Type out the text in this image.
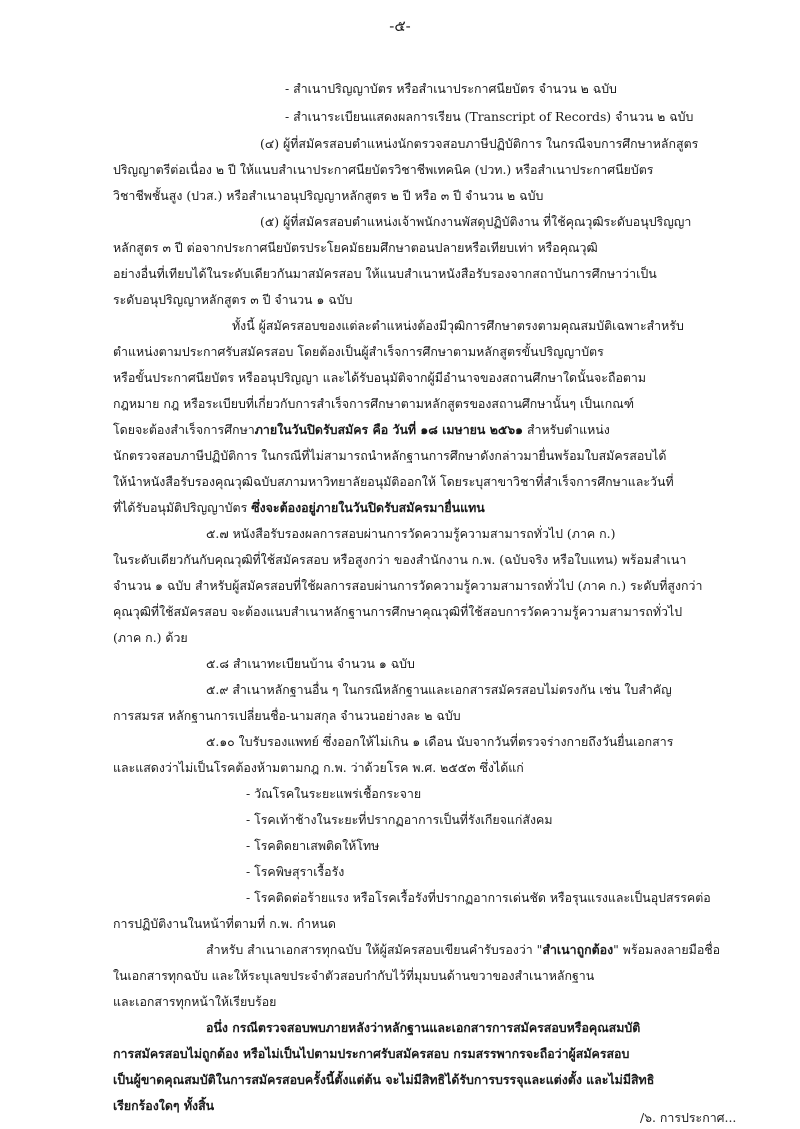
-๕-
- สำเนาปริญญาบัตร หรือสำเนาประกาศนียบัตร จำนวน ๒ ฉบับ
- สำเนาระเบียนแสดงผลการเรียน (Transcript of Records) จำนวน ๒ ฉบับ
(๔) ผู้ที่สมัครสอบตำแหน่งนักตรวจสอบภาษีปฏิบัติการ ในกรณีจบการศึกษาหลักสูตร
ปริญญาตรีต่อเนื่อง ๒ ปี ให้แนบสำเนาประกาศนียบัตรวิชาชีพเทคนิค (ปวท.) หรือสำเนาประกาศนียบัตร
วิชาชีพชั้นสูง (ปวส.) หรือสำเนาอนุปริญญาหลักสูตร ๒ ปี หรือ ๓ ปี จำนวน ๒ ฉบับ
(๕) ผู้ที่สมัครสอบตำแหน่งเจ้าพนักงานพัสดุปฏิบัติงาน ที่ใช้คุณวุฒิระดับอนุปริญญา
หลักสูตร ๓ ปี ต่อจากประกาศนียบัตรประโยคมัธยมศึกษาตอนปลายหรือเทียบเท่า หรือคุณวุฒิ
อย่างอื่นที่เทียบได้ในระดับเดียวกันมาสมัครสอบ ให้แนบสำเนาหนังสือรับรองจากสถาบันการศึกษาว่าเป็น
ระดับอนุปริญญาหลักสูตร ๓ ปี จำนวน ๑ ฉบับ
ทั้งนี้ ผู้สมัครสอบของแต่ละตำแหน่งต้องมีวุฒิการศึกษาตรงตามคุณสมบัติเฉพาะสำหรับ
ตำแหน่งตามประกาศรับสมัครสอบ โดยต้องเป็นผู้สำเร็จการศึกษาตามหลักสูตรขั้นปริญญาบัตร
หรือขั้นประกาศนียบัตร หรืออนุปริญญา และได้รับอนุมัติจากผู้มีอำนาจของสถานศึกษาใดนั้นจะถือตาม
กฎหมาย กฎ หรือระเบียบที่เกี่ยวกับการสำเร็จการศึกษาตามหลักสูตรของสถานศึกษานั้นๆ เป็นเกณฑ์
โดยจะต้องสำเร็จการศึกษาภายในวันปิดรับสมัคร คือ วันที่ ๑๘ เมษายน ๒๕๖๑ สำหรับตำแหน่ง
นักตรวจสอบภาษีปฏิบัติการ ในกรณีที่ไม่สามารถนำหลักฐานการศึกษาดังกล่าวมายื่นพร้อมใบสมัครสอบได้
ให้นำหนังสือรับรองคุณวุฒิฉบับสภามหาวิทยาลัยอนุมัติออกให้ โดยระบุสาขาวิชาที่สำเร็จการศึกษาและวันที่
ที่ได้รับอนุมัติปริญญาบัตร ซึ่งจะต้องอยู่ภายในวันปิดรับสมัครมายื่นแทน
๕.๗ หนังสือรับรองผลการสอบผ่านการวัดความรู้ความสามารถทั่วไป (ภาค ก.)
ในระดับเดียวกันกับคุณวุฒิที่ใช้สมัครสอบ หรือสูงกว่า ของสำนักงาน ก.พ. (ฉบับจริง หรือใบแทน) พร้อมสำเนา
จำนวน ๑ ฉบับ สำหรับผู้สมัครสอบที่ใช้ผลการสอบผ่านการวัดความรู้ความสามารถทั่วไป (ภาค ก.) ระดับที่สูงกว่า
คุณวุฒิที่ใช้สมัครสอบ จะต้องแนบสำเนาหลักฐานการศึกษาคุณวุฒิที่ใช้สอบการวัดความรู้ความสามารถทั่วไป
(ภาค ก.) ด้วย
๕.๘ สำเนาทะเบียนบ้าน จำนวน ๑ ฉบับ
๕.๙ สำเนาหลักฐานอื่น ๆ ในกรณีหลักฐานและเอกสารสมัครสอบไม่ตรงกัน เช่น ใบสำคัญ
การสมรส หลักฐานการเปลี่ยนชื่อ-นามสกุล จำนวนอย่างละ ๒ ฉบับ
๕.๑๐ ใบรับรองแพทย์ ซึ่งออกให้ไม่เกิน ๑ เดือน นับจากวันที่ตรวจร่างกายถึงวันยื่นเอกสาร
และแสดงว่าไม่เป็นโรคต้องห้ามตามกฎ ก.พ. ว่าด้วยโรค พ.ศ. ๒๕๕๓ ซึ่งได้แก่
- วัณโรคในระยะแพร่เชื้อกระจาย
- โรคเท้าช้างในระยะที่ปรากฏอาการเป็นที่รังเกียจแก่สังคม
- โรคติดยาเสพติดให้โทษ
- โรคพิษสุราเรื้อรัง
- โรคติดต่อร้ายแรง หรือโรคเรื้อรังที่ปรากฏอาการเด่นชัด หรือรุนแรงและเป็นอุปสรรคต่อ
การปฏิบัติงานในหน้าที่ตามที่ ก.พ. กำหนด
สำหรับ สำเนาเอกสารทุกฉบับ ให้ผู้สมัครสอบเขียนคำรับรองว่า "สำเนาถูกต้อง" พร้อมลงลายมือชื่อ
ในเอกสารทุกฉบับ และให้ระบุเลขประจำตัวสอบกำกับไว้ที่มุมบนด้านขวาของสำเนาหลักฐาน
และเอกสารทุกหน้าให้เรียบร้อย
อนึ่ง กรณีตรวจสอบพบภายหลังว่าหลักฐานและเอกสารการสมัครสอบหรือคุณสมบัติ
การสมัครสอบไม่ถูกต้อง หรือไม่เป็นไปตามประกาศรับสมัครสอบ กรมสรรพากรจะถือว่าผู้สมัครสอบ
เป็นผู้ขาดคุณสมบัติในการสมัครสอบครั้งนี้ตั้งแต่ต้น จะไม่มีสิทธิได้รับการบรรจุและแต่งตั้ง และไม่มีสิทธิ
เรียกร้องใดๆ ทั้งสิ้น
/๖. การประกาศ...
